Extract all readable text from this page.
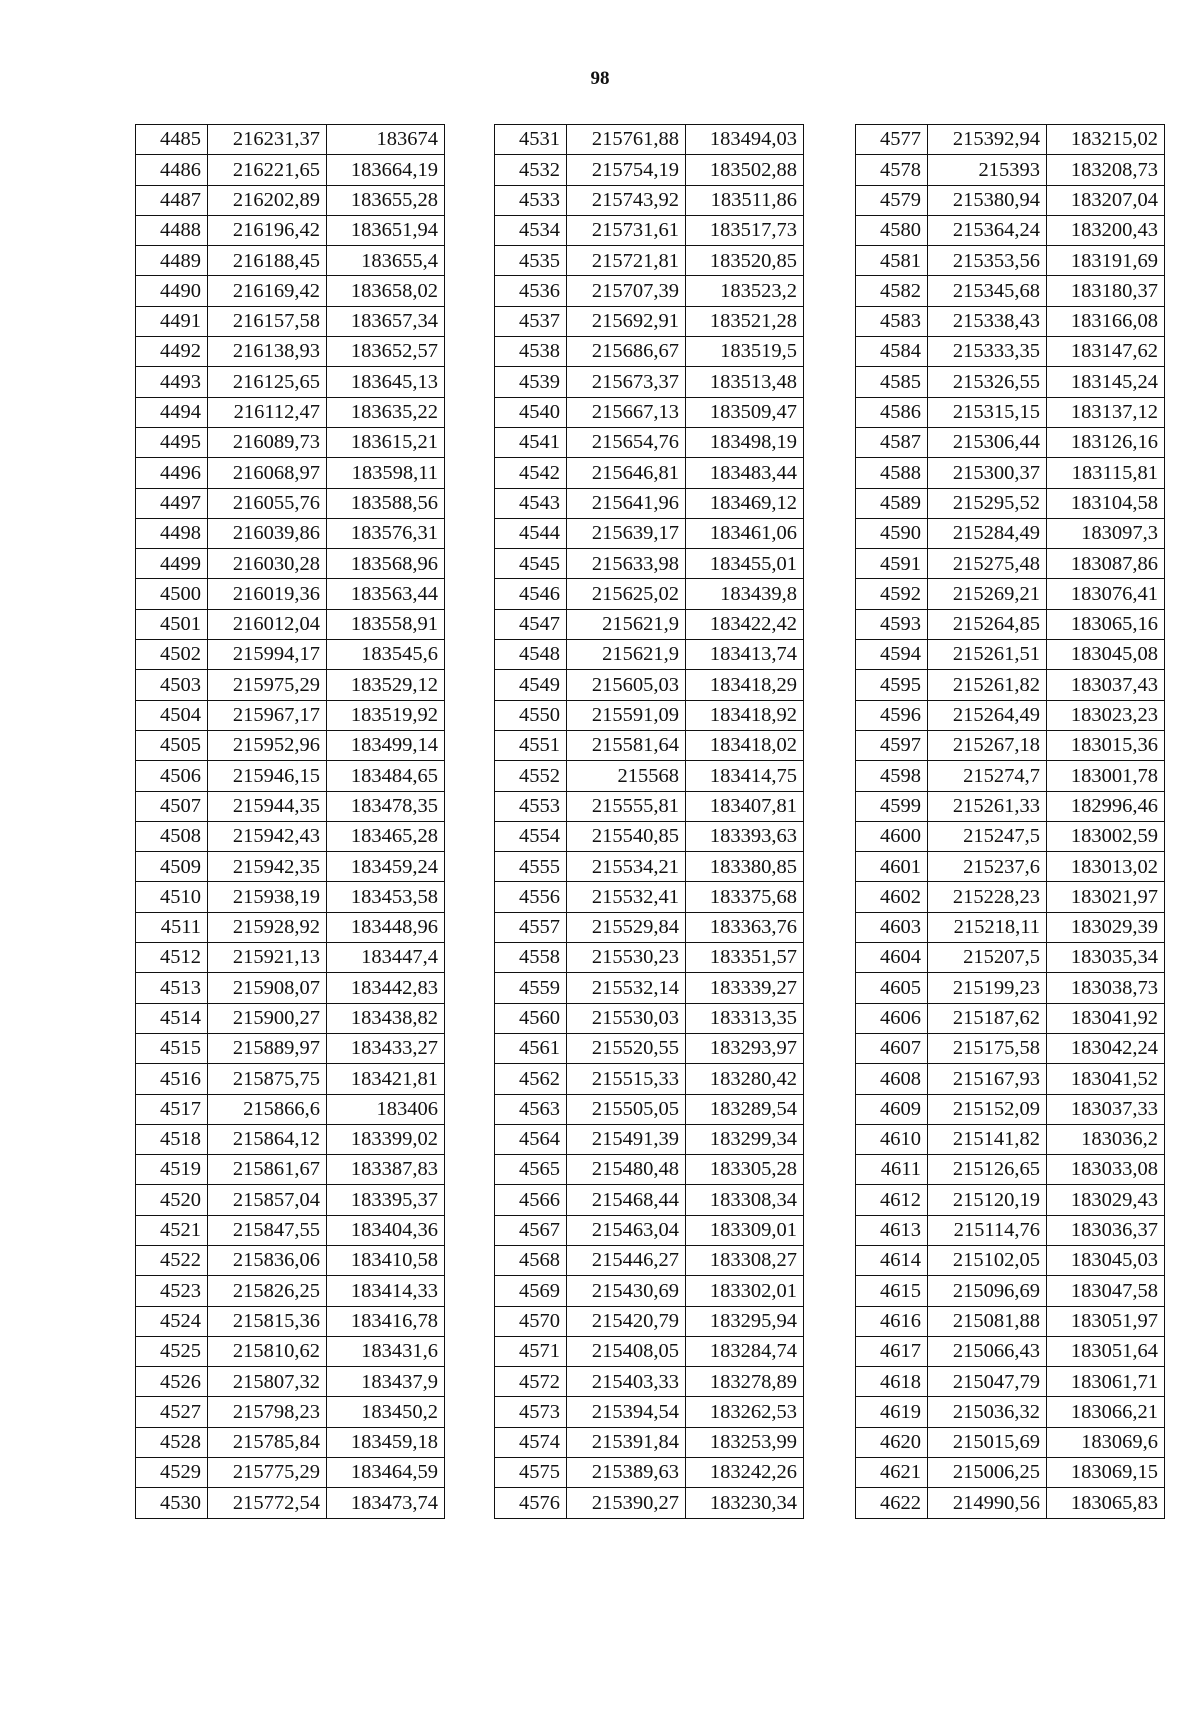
98
4485	216231,37	183674
4486	216221,65	183664,19
4487	216202,89	183655,28
4488	216196,42	183651,94
4489	216188,45	183655,4
4490	216169,42	183658,02
4491	216157,58	183657,34
4492	216138,93	183652,57
4493	216125,65	183645,13
4494	216112,47	183635,22
4495	216089,73	183615,21
4496	216068,97	183598,11
4497	216055,76	183588,56
4498	216039,86	183576,31
4499	216030,28	183568,96
4500	216019,36	183563,44
4501	216012,04	183558,91
4502	215994,17	183545,6
4503	215975,29	183529,12
4504	215967,17	183519,92
4505	215952,96	183499,14
4506	215946,15	183484,65
4507	215944,35	183478,35
4508	215942,43	183465,28
4509	215942,35	183459,24
4510	215938,19	183453,58
4511	215928,92	183448,96
4512	215921,13	183447,4
4513	215908,07	183442,83
4514	215900,27	183438,82
4515	215889,97	183433,27
4516	215875,75	183421,81
4517	215866,6	183406
4518	215864,12	183399,02
4519	215861,67	183387,83
4520	215857,04	183395,37
4521	215847,55	183404,36
4522	215836,06	183410,58
4523	215826,25	183414,33
4524	215815,36	183416,78
4525	215810,62	183431,6
4526	215807,32	183437,9
4527	215798,23	183450,2
4528	215785,84	183459,18
4529	215775,29	183464,59
4530	215772,54	183473,74
4531	215761,88	183494,03
4532	215754,19	183502,88
4533	215743,92	183511,86
4534	215731,61	183517,73
4535	215721,81	183520,85
4536	215707,39	183523,2
4537	215692,91	183521,28
4538	215686,67	183519,5
4539	215673,37	183513,48
4540	215667,13	183509,47
4541	215654,76	183498,19
4542	215646,81	183483,44
4543	215641,96	183469,12
4544	215639,17	183461,06
4545	215633,98	183455,01
4546	215625,02	183439,8
4547	215621,9	183422,42
4548	215621,9	183413,74
4549	215605,03	183418,29
4550	215591,09	183418,92
4551	215581,64	183418,02
4552	215568	183414,75
4553	215555,81	183407,81
4554	215540,85	183393,63
4555	215534,21	183380,85
4556	215532,41	183375,68
4557	215529,84	183363,76
4558	215530,23	183351,57
4559	215532,14	183339,27
4560	215530,03	183313,35
4561	215520,55	183293,97
4562	215515,33	183280,42
4563	215505,05	183289,54
4564	215491,39	183299,34
4565	215480,48	183305,28
4566	215468,44	183308,34
4567	215463,04	183309,01
4568	215446,27	183308,27
4569	215430,69	183302,01
4570	215420,79	183295,94
4571	215408,05	183284,74
4572	215403,33	183278,89
4573	215394,54	183262,53
4574	215391,84	183253,99
4575	215389,63	183242,26
4576	215390,27	183230,34
4577	215392,94	183215,02
4578	215393	183208,73
4579	215380,94	183207,04
4580	215364,24	183200,43
4581	215353,56	183191,69
4582	215345,68	183180,37
4583	215338,43	183166,08
4584	215333,35	183147,62
4585	215326,55	183145,24
4586	215315,15	183137,12
4587	215306,44	183126,16
4588	215300,37	183115,81
4589	215295,52	183104,58
4590	215284,49	183097,3
4591	215275,48	183087,86
4592	215269,21	183076,41
4593	215264,85	183065,16
4594	215261,51	183045,08
4595	215261,82	183037,43
4596	215264,49	183023,23
4597	215267,18	183015,36
4598	215274,7	183001,78
4599	215261,33	182996,46
4600	215247,5	183002,59
4601	215237,6	183013,02
4602	215228,23	183021,97
4603	215218,11	183029,39
4604	215207,5	183035,34
4605	215199,23	183038,73
4606	215187,62	183041,92
4607	215175,58	183042,24
4608	215167,93	183041,52
4609	215152,09	183037,33
4610	215141,82	183036,2
4611	215126,65	183033,08
4612	215120,19	183029,43
4613	215114,76	183036,37
4614	215102,05	183045,03
4615	215096,69	183047,58
4616	215081,88	183051,97
4617	215066,43	183051,64
4618	215047,79	183061,71
4619	215036,32	183066,21
4620	215015,69	183069,6
4621	215006,25	183069,15
4622	214990,56	183065,83
